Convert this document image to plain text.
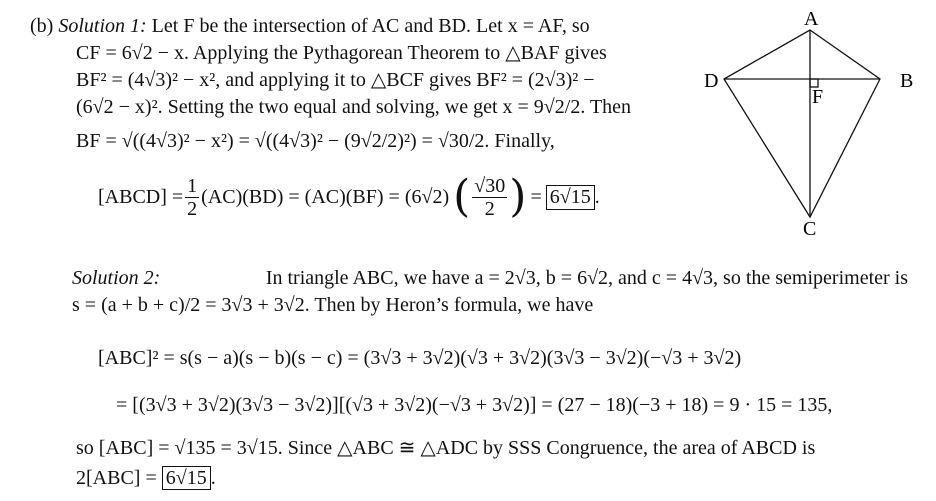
(b) Solution 1: Let F be the intersection of AC and BD. Let x = AF, so
CF = 6√2 − x. Applying the Pythagorean Theorem to △BAF gives
BF² = (4√3)² − x², and applying it to △BCF gives BF² = (2√3)² −
(6√2 − x)². Setting the two equal and solving, we get x = 9√2/2. Then
BF = √((4√3)² − x²) = √((4√3)² − (9√2/2)²) = √30/2. Finally,
[ABCD] = $\frac{1}{2} (AC)(BD) = (AC)(BF) = (6√2)$ ( $\frac{√30}{2}$ ) = 6√15 .
A
B
C
D
F
Solution 2:	In triangle ABC, we have a = 2√3, b = 6√2, and c = 4√3, so the semiperimeter is
s = (a + b + c)/2 = 3√3 + 3√2. Then by Heron’s formula, we have
[ABC]² = s(s − a)(s − b)(s − c) = (3√3 + 3√2)(√3 + 3√2)(3√3 − 3√2)(−√3 + 3√2)
= [(3√3 + 3√2)(3√3 − 3√2)][(√3 + 3√2)(−√3 + 3√2)] = (27 − 18)(−3 + 18) = 9 · 15 = 135,
so [ABC] = √135 = 3√15. Since △ABC ≅ △ADC by SSS Congruence, the area of ABCD is
2[ABC] = 6√15 .
